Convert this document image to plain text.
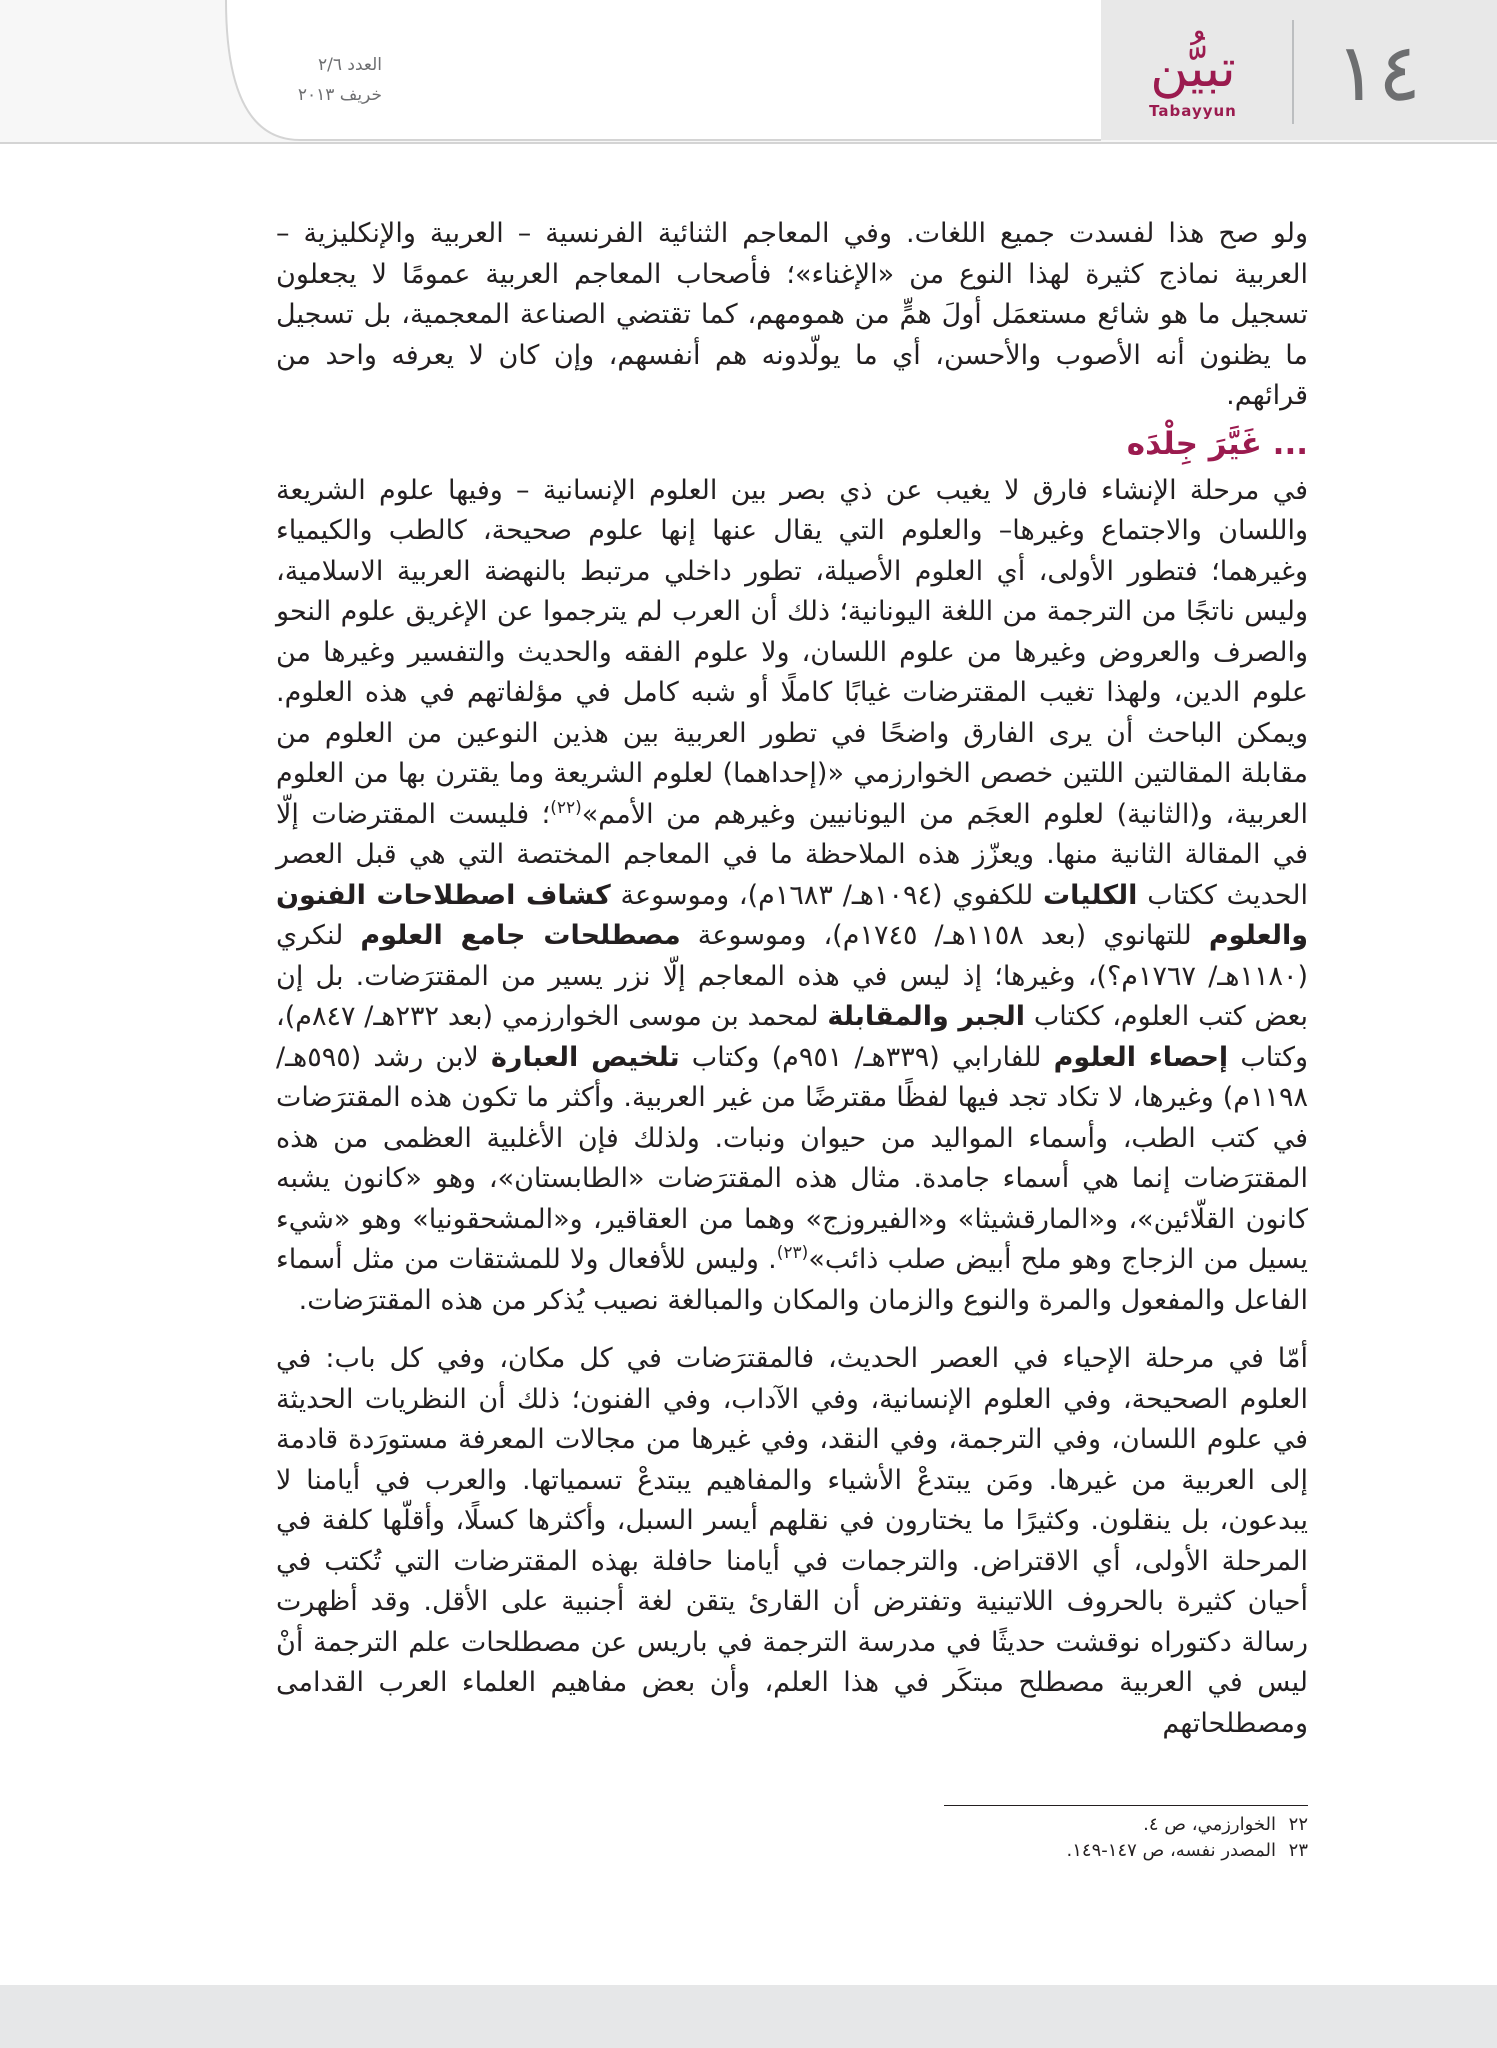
العدد ٢/٦
خريف ٢٠١٣	تبيُّن
Tabayyun	١٤

ولو صح هذا لفسدت جميع اللغات. وفي المعاجم الثنائية الفرنسية – العربية والإنكليزية – العربية نماذج كثيرة لهذا النوع من «الإغناء»؛ فأصحاب المعاجم العربية عمومًا لا يجعلون تسجيل ما هو شائع مستعمَل أولَ همٍّ من همومهم، كما تقتضي الصناعة المعجمية، بل تسجيل ما يظنون أنه الأصوب والأحسن، أي ما يولّدونه هم أنفسهم، وإن كان لا يعرفه واحد من قرائهم.

... غَيَّرَ جِلْدَه

في مرحلة الإنشاء فارق لا يغيب عن ذي بصر بين العلوم الإنسانية – وفيها علوم الشريعة واللسان والاجتماع وغيرها– والعلوم التي يقال عنها إنها علوم صحيحة، كالطب والكيمياء وغيرهما؛ فتطور الأولى، أي العلوم الأصيلة، تطور داخلي مرتبط بالنهضة العربية الاسلامية، وليس ناتجًا من الترجمة من اللغة اليونانية؛ ذلك أن العرب لم يترجموا عن الإغريق علوم النحو والصرف والعروض وغيرها من علوم اللسان، ولا علوم الفقه والحديث والتفسير وغيرها من علوم الدين، ولهذا تغيب المقترضات غيابًا كاملًا أو شبه كامل في مؤلفاتهم في هذه العلوم. ويمكن الباحث أن يرى الفارق واضحًا في تطور العربية بين هذين النوعين من العلوم من مقابلة المقالتين اللتين خصص الخوارزمي «(إحداهما) لعلوم الشريعة وما يقترن بها من العلوم العربية، و(الثانية) لعلوم العجَم من اليونانيين وغيرهم من الأمم»$^{(٢٢)}$؛ فليست المقترضات إلّا في المقالة الثانية منها. ويعزّز هذه الملاحظة ما في المعاجم المختصة التي هي قبل العصر الحديث ككتاب الكليات للكفوي (١٠٩٤هـ/ ١٦٨٣م)، وموسوعة كشاف اصطلاحات الفنون والعلوم للتهانوي (بعد ١١٥٨هـ/ ١٧٤٥م)، وموسوعة مصطلحات جامع العلوم لنكري (١١٨٠هـ/ ١٧٦٧م؟)، وغيرها؛ إذ ليس في هذه المعاجم إلّا نزر يسير من المقترَضات. بل إن بعض كتب العلوم، ككتاب الجبر والمقابلة لمحمد بن موسى الخوارزمي (بعد ٢٣٢هـ/ ٨٤٧م)، وكتاب إحصاء العلوم للفارابي (٣٣٩هـ/ ٩٥١م) وكتاب تلخيص العبارة لابن رشد (٥٩٥هـ/ ١١٩٨م) وغيرها، لا تكاد تجد فيها لفظًا مقترضًا من غير العربية. وأكثر ما تكون هذه المقترَضات في كتب الطب، وأسماء المواليد من حيوان ونبات. ولذلك فإن الأغلبية العظمى من هذه المقترَضات إنما هي أسماء جامدة. مثال هذه المقترَضات «الطابستان»، وهو «كانون يشبه كانون القلّائين»، و«المارقشيثا» و«الفيروزج» وهما من العقاقير، و«المشحقونيا» وهو «شيء يسيل من الزجاج وهو ملح أبيض صلب ذائب»$^{(٢٣)}$. وليس للأفعال ولا للمشتقات من مثل أسماء الفاعل والمفعول والمرة والنوع والزمان والمكان والمبالغة نصيب يُذكر من هذه المقترَضات.

أمّا في مرحلة الإحياء في العصر الحديث، فالمقترَضات في كل مكان، وفي كل باب: في العلوم الصحيحة، وفي العلوم الإنسانية، وفي الآداب، وفي الفنون؛ ذلك أن النظريات الحديثة في علوم اللسان، وفي الترجمة، وفي النقد، وفي غيرها من مجالات المعرفة مستورَدة قادمة إلى العربية من غيرها. ومَن يبتدعْ الأشياء والمفاهيم يبتدعْ تسمياتها. والعرب في أيامنا لا يبدعون، بل ينقلون. وكثيرًا ما يختارون في نقلهم أيسر السبل، وأكثرها كسلًا، وأقلّها كلفة في المرحلة الأولى، أي الاقتراض. والترجمات في أيامنا حافلة بهذه المقترضات التي تُكتب في أحيان كثيرة بالحروف اللاتينية وتفترض أن القارئ يتقن لغة أجنبية على الأقل. وقد أظهرت رسالة دكتوراه نوقشت حديثًا في مدرسة الترجمة في باريس عن مصطلحات علم الترجمة أنْ ليس في العربية مصطلح مبتكَر في هذا العلم، وأن بعض مفاهيم العلماء العرب القدامى ومصطلحاتهم

٢٢الخوارزمي، ص ٤.
٢٣المصدر نفسه، ص ١٤٧-١٤٩.
